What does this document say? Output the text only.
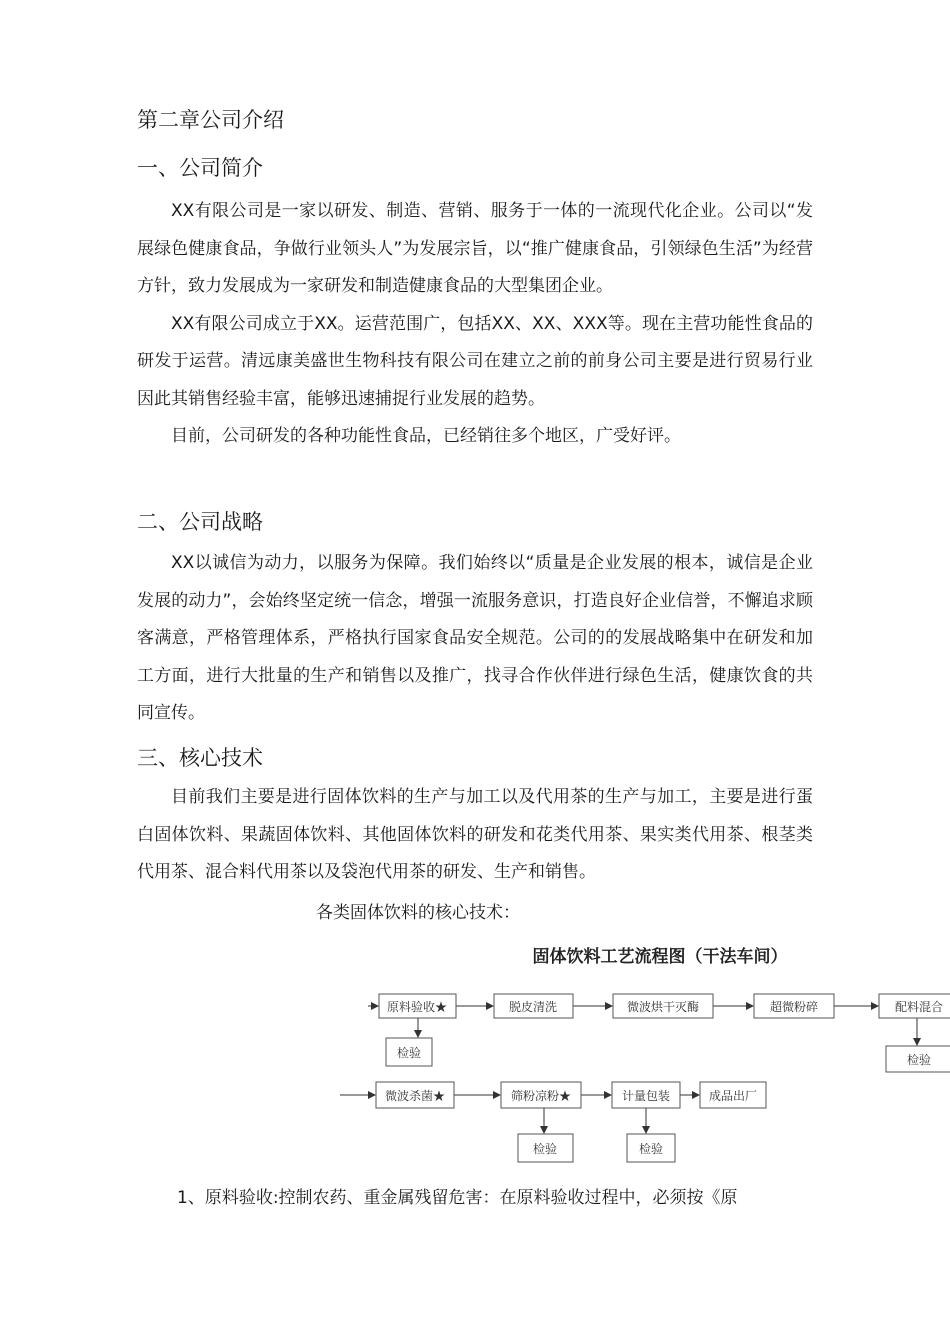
第二章公司介绍
一、公司简介

XX有限公司是一家以研发、制造、营销、服务于一体的一流现代化企业。公司以“发展绿色健康食品，争做行业领头人”为发展宗旨，以“推广健康食品，引领绿色生活”为经营方针，致力发展成为一家研发和制造健康食品的大型集团企业。

XX有限公司成立于XX。运营范围广，包括XX、XX、XXX等。现在主营功能性食品的研发于运营。清远康美盛世生物科技有限公司在建立之前的前身公司主要是进行贸易行业因此其销售经验丰富，能够迅速捕捉行业发展的趋势。

目前，公司研发的各种功能性食品，已经销往多个地区，广受好评。

二、公司战略

XX以诚信为动力，以服务为保障。我们始终以“质量是企业发展的根本，诚信是企业发展的动力”，会始终坚定统一信念，增强一流服务意识，打造良好企业信誉，不懈追求顾客满意，严格管理体系，严格执行国家食品安全规范。公司的的发展战略集中在研发和加工方面，进行大批量的生产和销售以及推广，找寻合作伙伴进行绿色生活，健康饮食的共同宣传。

三、核心技术

目前我们主要是进行固体饮料的生产与加工以及代用茶的生产与加工，主要是进行蛋白固体饮料、果蔬固体饮料、其他固体饮料的研发和花类代用茶、果实类代用茶、根茎类代用茶、混合料代用茶以及袋泡代用茶的研发、生产和销售。

各类固体饮料的核心技术：
固体饮料工艺流程图（干法车间）
原料验收★	脱皮清洗	微波烘干灭酶	超微粉碎	配料混合
检验	检验
微波杀菌★	筛粉凉粉★	计量包装	成品出厂
检验	检验
1、原料验收:控制农药、重金属残留危害：在原料验收过程中，必须按《原
